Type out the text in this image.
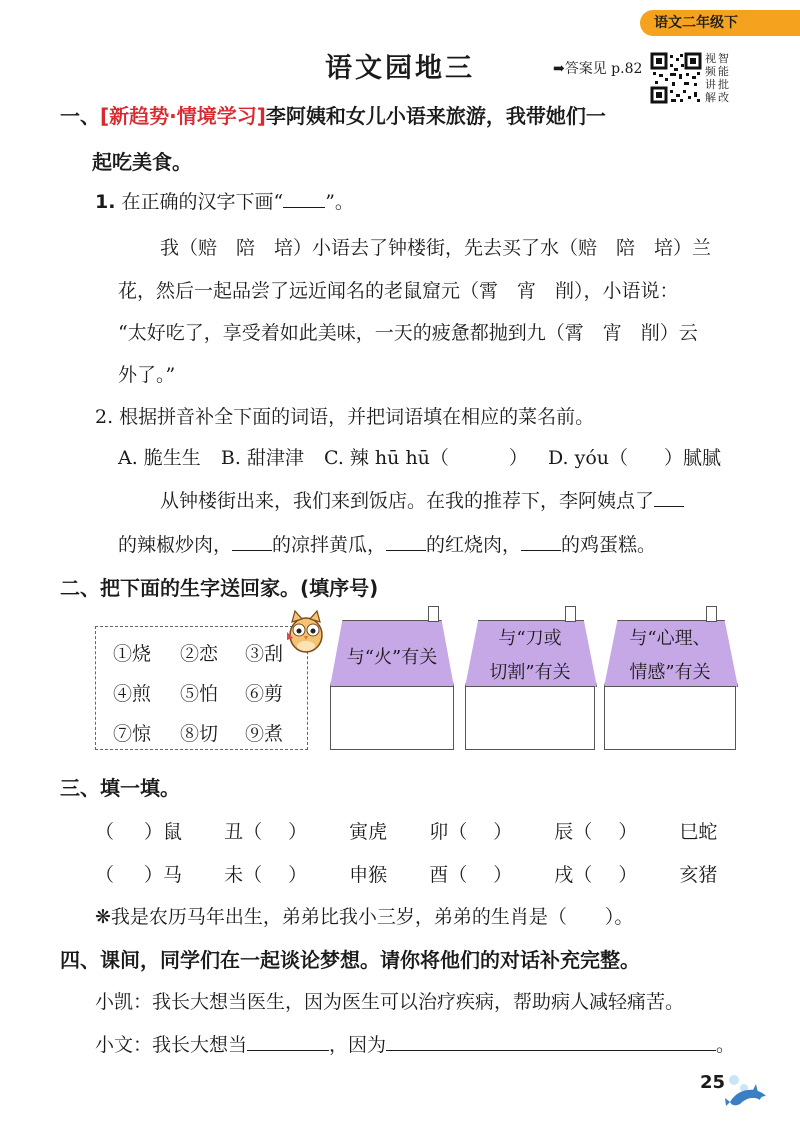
语文二年级下
语文园地三	➡答案见 p.82
视 智
频 能
讲 批
解 改
一、[新趋势·情境学习]李阿姨和女儿小语来旅游，我带她们一
起吃美食。
1. 在正确的汉字下画“ ”。
我（赔　陪　培）小语去了钟楼街，先去买了水（赔　陪　培）兰
花，然后一起品尝了远近闻名的老鼠窟元（霄　宵　削），小语说：
“太好吃了，享受着如此美味，一天的疲惫都抛到九（霄　宵　削）云
外了。”
2. 根据拼音补全下面的词语，并把词语填在相应的菜名前。
A. 脆生生 B. 甜津津 C. 辣 hū hū（	） D. yóu（ ）腻腻
从钟楼街出来，我们来到饭店。在我的推荐下，李阿姨点了
的辣椒炒肉， 的凉拌黄瓜， 的红烧肉， 的鸡蛋糕。
二、把下面的生字送回家。(填序号)
①烧 ②恋 ③刮
④煎 ⑤怕 ⑥剪
⑦惊 ⑧切 ⑨煮
与“火”有关
与“刀或
切割”有关
与“心理、
情感”有关
三、填一填。
（ ）鼠 丑（ ） 寅虎 卯（ ） 辰（ ） 巳蛇
（ ）马 未（ ） 申猴 酉（ ） 戌（ ） 亥猪
❋我是农历马年出生，弟弟比我小三岁，弟弟的生肖是（　　）。
四、课间，同学们在一起谈论梦想。请你将他们的对话补充完整。
小凯：我长大想当医生，因为医生可以治疗疾病，帮助病人减轻痛苦。
小文：我长大想当	，因为	。
25
